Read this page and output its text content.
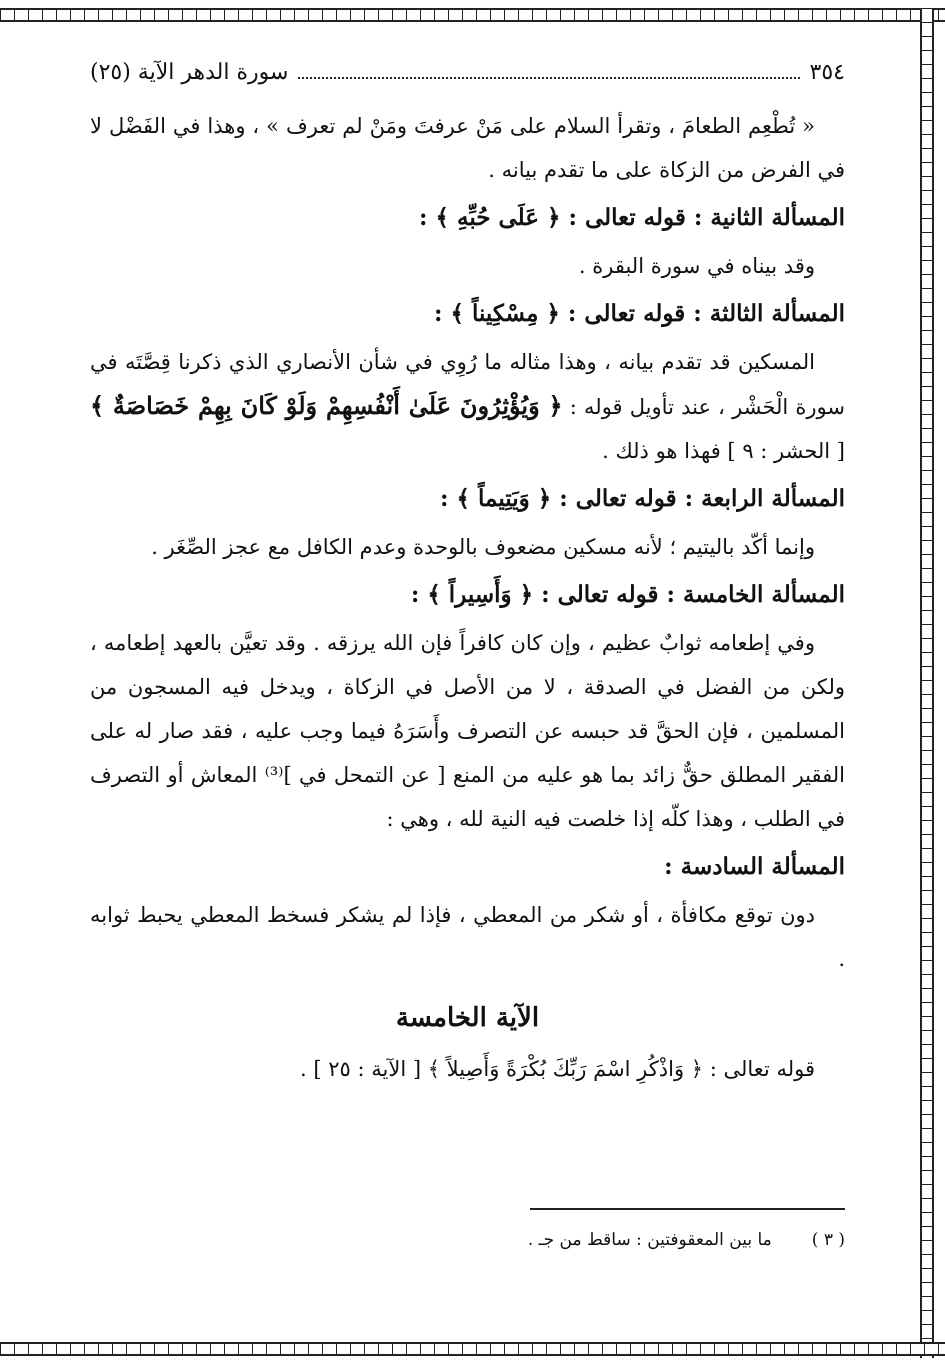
٣٥٤
سورة الدهر الآية (٢٥)

« تُطْعِم الطعامَ ، وتقرأ السلام على مَنْ عرفتَ ومَنْ لم تعرف » ، وهذا في الفَضْل لا في الفرض من الزكاة على ما تقدم بيانه .

المسألة الثانية : قوله تعالى : ﴿ عَلَى حُبِّهِ ﴾ :

وقد بيناه في سورة البقرة .

المسألة الثالثة : قوله تعالى : ﴿ مِسْكِيناً ﴾ :

المسكين قد تقدم بيانه ، وهذا مثاله ما رُوِي في شأن الأنصاري الذي ذكرنا قِصَّتَه في سورة الْحَشْر ، عند تأويل قوله : ﴿ وَيُؤْثِرُونَ عَلَىٰ أَنْفُسِهِمْ وَلَوْ كَانَ بِهِمْ خَصَاصَةٌ ﴾ [ الحشر : ٩ ] فهذا هو ذلك .

المسألة الرابعة : قوله تعالى : ﴿ وَيَتِيماً ﴾ :

وإنما أكّد باليتيم ؛ لأنه مسكين مضعوف بالوحدة وعدم الكافل مع عجز الصِّغَر .

المسألة الخامسة : قوله تعالى : ﴿ وَأَسِيراً ﴾ :

وفي إطعامه ثوابٌ عظيم ، وإن كان كافراً فإن الله يرزقه . وقد تعيَّن بالعهد إطعامه ، ولكن من الفضل في الصدقة ، لا من الأصل في الزكاة ، ويدخل فيه المسجون من المسلمين ، فإن الحقَّ قد حبسه عن التصرف وأَسَرَهُ فيما وجب عليه ، فقد صار له على الفقير المطلق حقٌّ زائد بما هو عليه من المنع [ عن التمحل في ]⁽³⁾ المعاش أو التصرف في الطلب ، وهذا كلّه إذا خلصت فيه النية لله ، وهي :

المسألة السادسة :

دون توقع مكافأة ، أو شكر من المعطي ، فإذا لم يشكر فسخط المعطي يحبط ثوابه .

الآية الخامسة

قوله تعالى : ﴿ وَاذْكُرِ اسْمَ رَبِّكَ بُكْرَةً وَأَصِيلاً ﴾ [ الآية : ٢٥ ] .

( ٣ )
ما بين المعقوفتين : ساقط من جـ .
